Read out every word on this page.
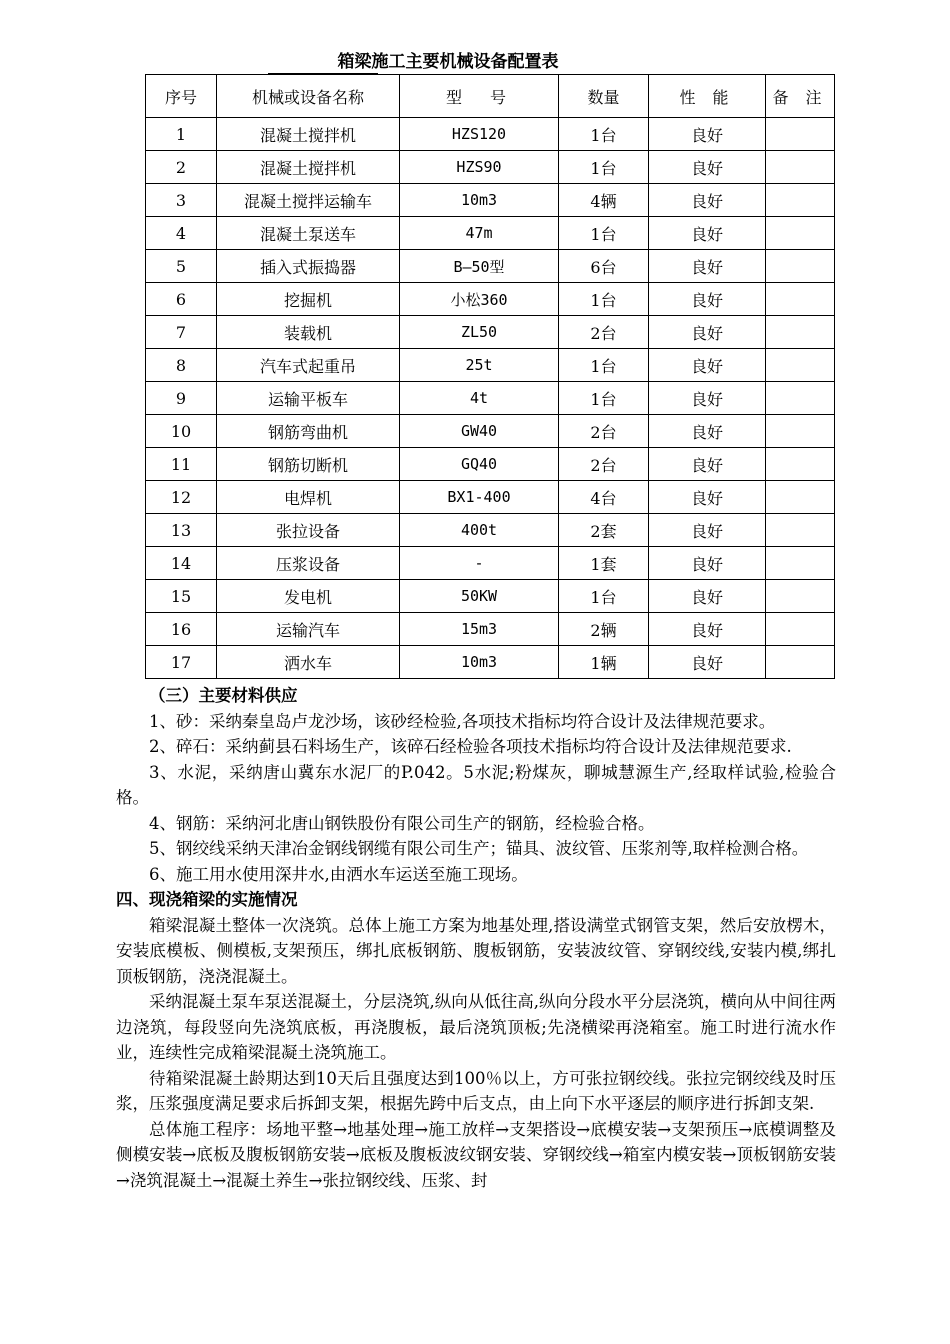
箱梁施工主要机械设备配置表
序号	机械或设备名称	型　号	数量	性 能	备 注
1	混凝土搅拌机	HZS120	1台	良好	
2	混凝土搅拌机	HZS90	1台	良好	
3	混凝土搅拌运输车	10m3	4辆	良好	
4	混凝土泵送车	47m	1台	良好	
5	插入式振捣器	B—50型	6台	良好	
6	挖掘机	小松360	1台	良好	
7	装载机	ZL50	2台	良好	
8	汽车式起重吊	25t	1台	良好	
9	运输平板车	4t	1台	良好	
10	钢筋弯曲机	GW40	2台	良好	
11	钢筋切断机	GQ40	2台	良好	
12	电焊机	BX1-400	4台	良好	
13	张拉设备	400t	2套	良好	
14	压浆设备	-	1套	良好	
15	发电机	50KW	1台	良好	
16	运输汽车	15m3	2辆	良好	
17	洒水车	10m3	1辆	良好	

（三）主要材料供应

1、砂：采纳秦皇岛卢龙沙场，该砂经检验,各项技术指标均符合设计及法律规范要求。

2、碎石：采纳蓟县石料场生产，该碎石经检验各项技术指标均符合设计及法律规范要求.

3、水泥，采纳唐山冀东水泥厂的P.042。5水泥;粉煤灰，聊城慧源生产,经取样试验,检验合格。

4、钢筋：采纳河北唐山钢铁股份有限公司生产的钢筋，经检验合格。

5、钢绞线采纳天津冶金钢线钢缆有限公司生产；锚具、波纹管、压浆剂等,取样检测合格。

6、施工用水使用深井水,由洒水车运送至施工现场。

四、现浇箱梁的实施情况

箱梁混凝土整体一次浇筑。总体上施工方案为地基处理,搭设满堂式钢管支架，然后安放楞木，安装底模板、侧模板,支架预压，绑扎底板钢筋、腹板钢筋，安装波纹管、穿钢绞线,安装内模,绑扎顶板钢筋，浇浇混凝土。

采纳混凝土泵车泵送混凝土，分层浇筑,纵向从低往高,纵向分段水平分层浇筑，横向从中间往两边浇筑，每段竖向先浇筑底板，再浇腹板，最后浇筑顶板;先浇横梁再浇箱室。施工时进行流水作业，连续性完成箱梁混凝土浇筑施工。

待箱梁混凝土龄期达到10天后且强度达到100％以上，方可张拉钢绞线。张拉完钢绞线及时压浆，压浆强度满足要求后拆卸支架，根据先跨中后支点，由上向下水平逐层的顺序进行拆卸支架.

总体施工程序：场地平整→地基处理→施工放样→支架搭设→底模安装→支架预压→底模调整及侧模安装→底板及腹板钢筋安装→底板及腹板波纹钢安装、穿钢绞线→箱室内模安装→顶板钢筋安装→浇筑混凝土→混凝土养生→张拉钢绞线、压浆、封
